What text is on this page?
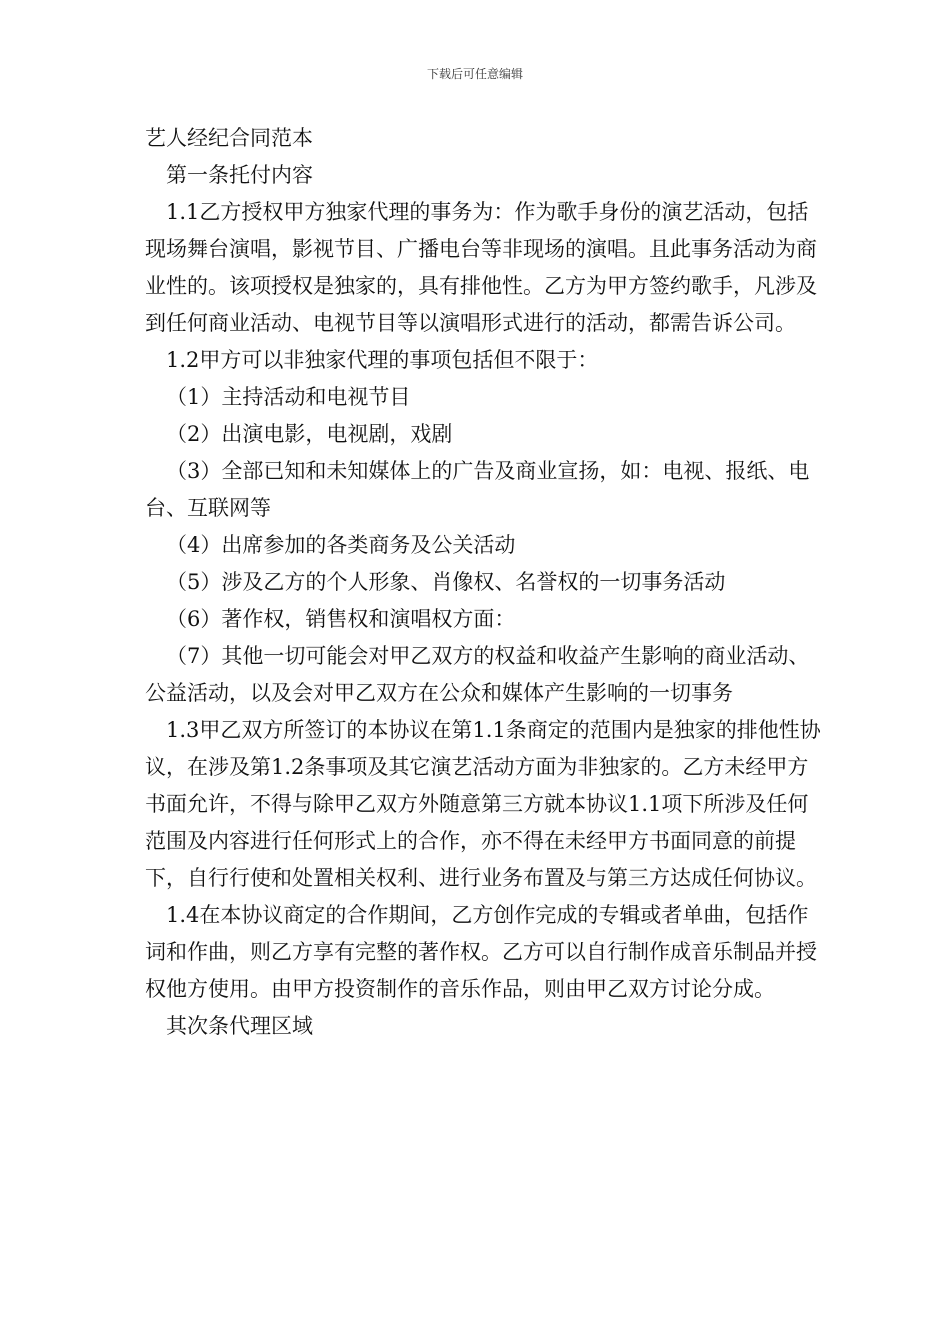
下载后可任意编辑

艺人经纪合同范本

第一条托付内容

1.1乙方授权甲方独家代理的事务为：作为歌手身份的演艺活动，包括现场舞台演唱，影视节目、广播电台等非现场的演唱。且此事务活动为商业性的。该项授权是独家的，具有排他性。乙方为甲方签约歌手，凡涉及到任何商业活动、电视节目等以演唱形式进行的活动，都需告诉公司。

1.2甲方可以非独家代理的事项包括但不限于：

（1）主持活动和电视节目

（2）出演电影，电视剧，戏剧

（3）全部已知和未知媒体上的广告及商业宣扬，如：电视、报纸、电台、互联网等

（4）出席参加的各类商务及公关活动

（5）涉及乙方的个人形象、肖像权、名誉权的一切事务活动

（6）著作权，销售权和演唱权方面：

（7）其他一切可能会对甲乙双方的权益和收益产生影响的商业活动、公益活动，以及会对甲乙双方在公众和媒体产生影响的一切事务

1.3甲乙双方所签订的本协议在第1.1条商定的范围内是独家的排他性协议，在涉及第1.2条事项及其它演艺活动方面为非独家的。乙方未经甲方书面允许，不得与除甲乙双方外随意第三方就本协议1.1项下所涉及任何范围及内容进行任何形式上的合作，亦不得在未经甲方书面同意的前提下，自行行使和处置相关权利、进行业务布置及与第三方达成任何协议。

1.4在本协议商定的合作期间，乙方创作完成的专辑或者单曲，包括作词和作曲，则乙方享有完整的著作权。乙方可以自行制作成音乐制品并授权他方使用。由甲方投资制作的音乐作品，则由甲乙双方讨论分成。

其次条代理区域
